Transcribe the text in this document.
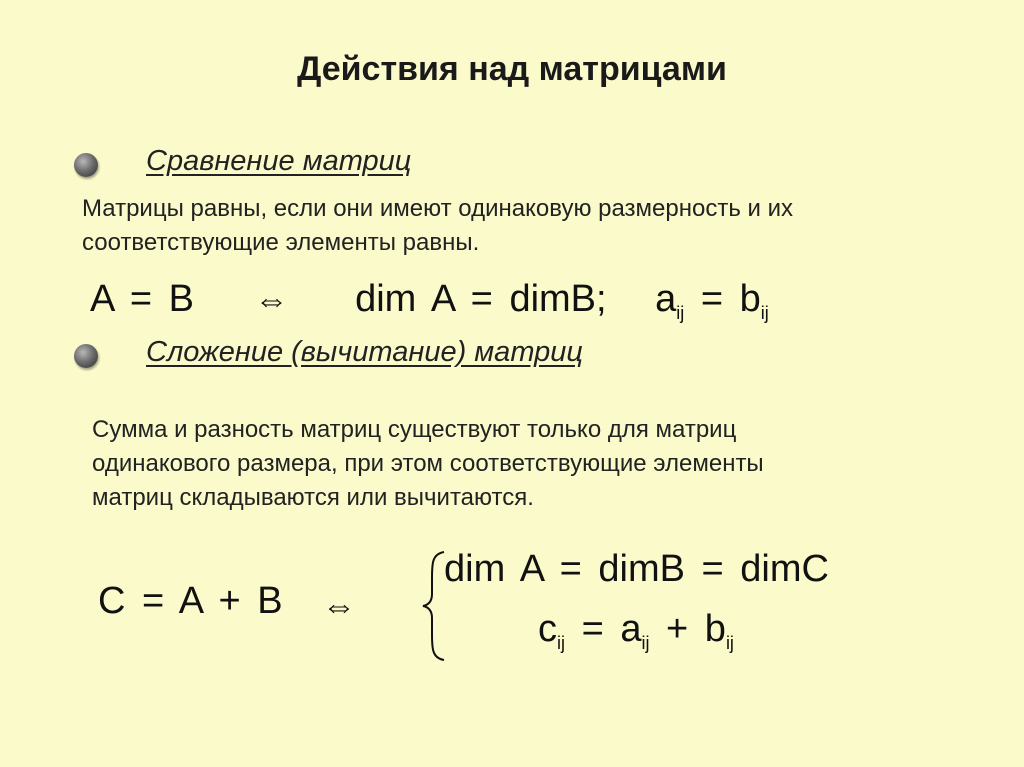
Действия над матрицами
Сравнение матриц
Матрицы равны, если они имеют одинаковую размерность и их
соответствующие элементы равны.
A = B ⇔ dim A = dimB; $a_{ij} = b_{ij}$
Сложение (вычитание) матриц
Сумма и разность матриц существуют только для матриц
одинакового размера, при этом соответствующие элементы
матриц складываются или вычитаются.
C = A + B ⇔
dim A = dimB = dimC
$c_{ij} = a_{ij} + b_{ij}$
